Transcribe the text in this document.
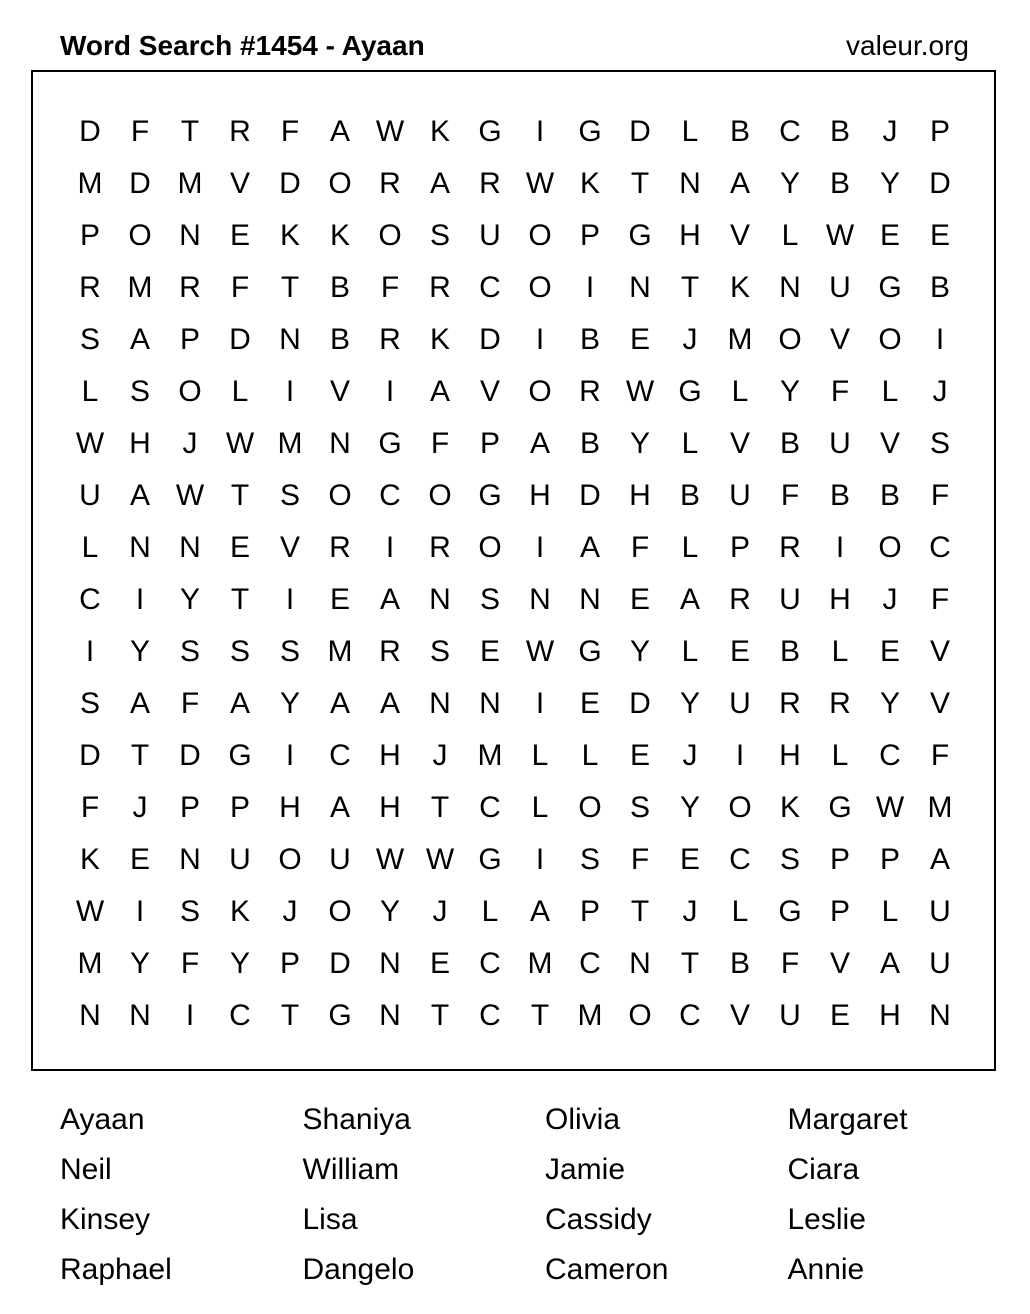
Word Search #1454 - Ayaan	valeur.org
D	F	T	R	F	A W K G	I	G D	L	B C B	J	P
M D M V D O R A R W K	T	N A Y B Y D
P O N E K K O S U O P G H V	L W E E
R M R	F	T	B	F	R C O	I	N	T	K N U G B
S A P D N B R K D	I	B E	J	M O V O	I
L	S O L	I	V	I	A V O R W G L	Y	F	L	J
W H	J W M N G F	P A B Y	L	V B U V S
U A W T	S O C O G H D H B U	F	B B	F
L	N N E V R	I	R O	I	A	F	L	P R	I	O C
C	I	Y	T	I	E A N S N N E A R U H	J	F
I	Y S S S M R S E W G Y	L	E B	L	E V
S A	F	A Y A A N N	I	E D Y U R R Y V
D	T	D G	I	C H	J	M L	L	E	J	I	H	L	C	F
F	J	P P H A H	T	C	L O S Y O K G W M
K E N U O U W W G	I	S	F	E C S P P A
W	I	S K	J	O Y	J	L	A P	T	J	L G P	L	U
M Y	F	Y P D N E C M C N	T	B	F	V A U
N N	I	C	T G N	T	C	T M O C V U E H N
Ayaan	Shaniya	Olivia	Margaret
Neil	William	Jamie	Ciara
Kinsey	Lisa	Cassidy	Leslie
Raphael	Dangelo	Cameron	Annie
